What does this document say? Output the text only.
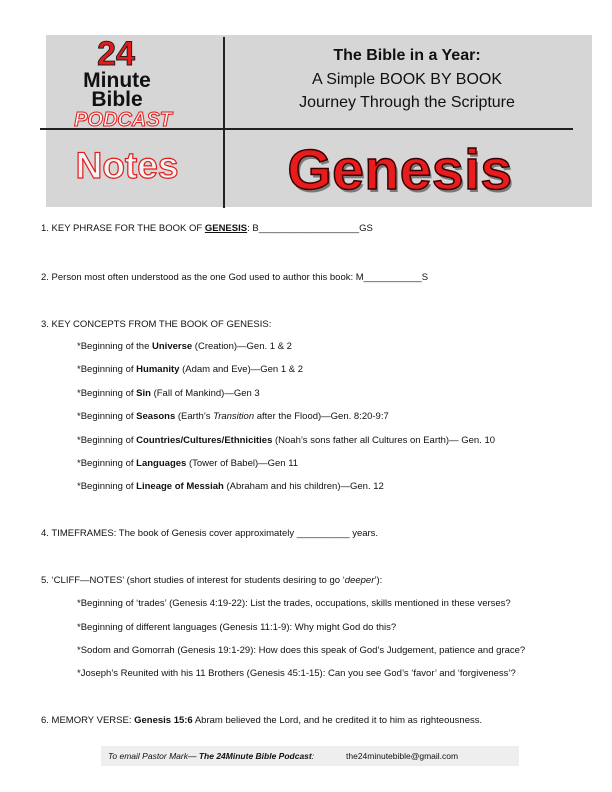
24
Minute
Bible
PODCAST
Notes
The Bible in a Year:
A Simple BOOK BY BOOK
Journey Through the Scripture
Genesis
1. KEY PHRASE FOR THE BOOK OF GENESIS: B___________________GS
2. Person most often understood as the one God used to author this book: M___________S
3. KEY CONCEPTS FROM THE BOOK OF GENESIS:
*Beginning of the Universe (Creation)—Gen. 1 & 2
*Beginning of Humanity (Adam and Eve)—Gen 1 & 2
*Beginning of Sin (Fall of Mankind)—Gen 3
*Beginning of Seasons (Earth’s Transition after the Flood)—Gen. 8:20-9:7
*Beginning of Countries/Cultures/Ethnicities (Noah’s sons father all Cultures on Earth)— Gen. 10
*Beginning of Languages (Tower of Babel)—Gen 11
*Beginning of Lineage of Messiah (Abraham and his children)—Gen. 12
4. TIMEFRAMES: The book of Genesis cover approximately __________ years.
5. ‘CLIFF—NOTES’ (short studies of interest for students desiring to go ‘deeper’):
*Beginning of ‘trades’ (Genesis 4:19-22): List the trades, occupations, skills mentioned in these verses?
*Beginning of different languages (Genesis 11:1-9): Why might God do this?
*Sodom and Gomorrah (Genesis 19:1-29): How does this speak of God’s Judgement, patience and grace?
*Joseph’s Reunited with his 11 Brothers (Genesis 45:1-15): Can you see God’s ‘favor’ and ‘forgiveness’?
6. MEMORY VERSE: Genesis 15:6 Abram believed the Lord, and he credited it to him as righteousness.
To email Pastor Mark— The 24Minute Bible Podcast:	the24minutebible@gmail.com
